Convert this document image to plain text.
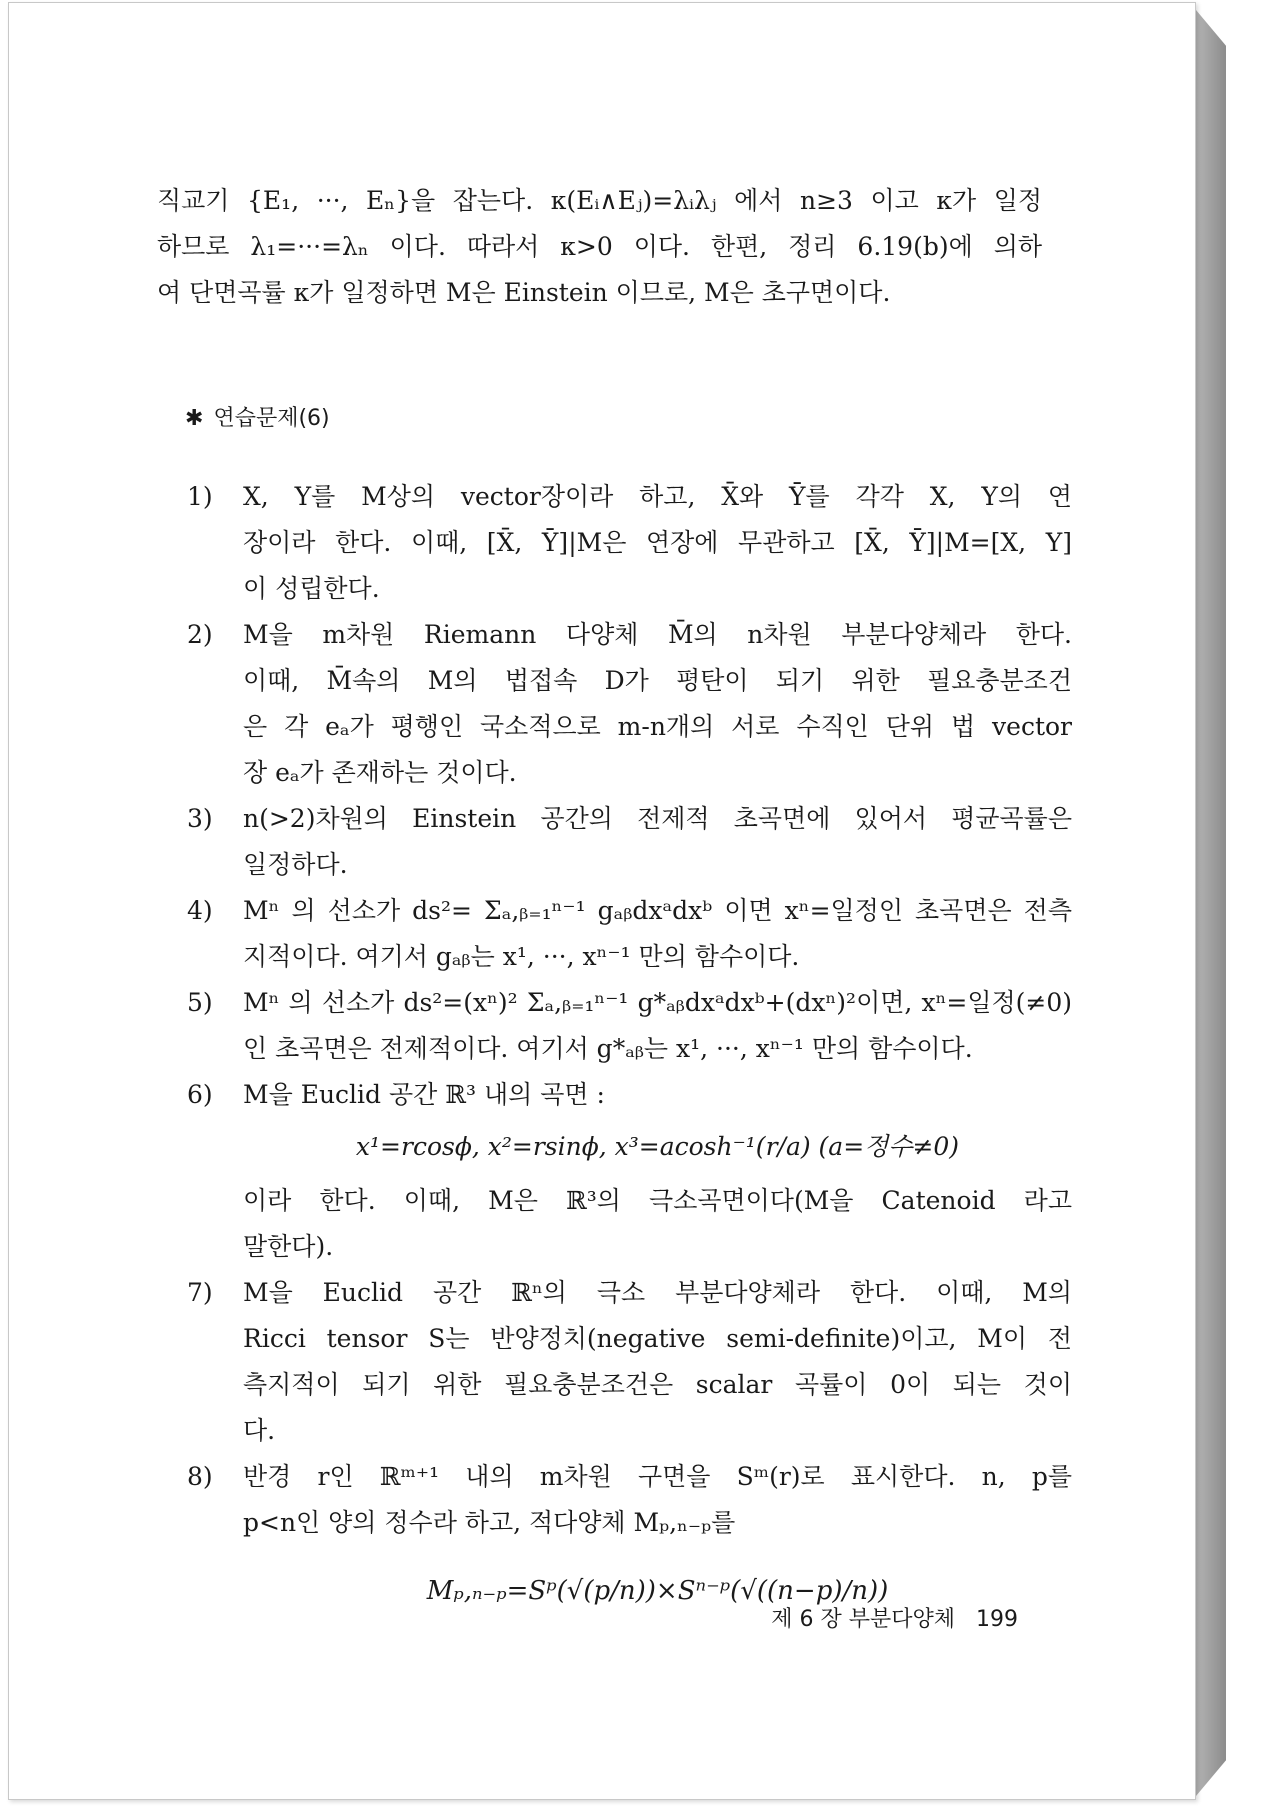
직교기 {E₁, ···, Eₙ}을 잡는다. κ(Eᵢ∧Eⱼ)=λᵢλⱼ 에서 n≥3 이고 κ가 일정
하므로 λ₁=···=λₙ 이다. 따라서 κ>0 이다. 한편, 정리 6.19(b)에 의하
여 단면곡률 κ가 일정하면 M은 Einstein 이므로, M은 초구면이다.
✱ 연습문제(6)
1) X, Y를 M상의 vector장이라 하고, X̄와 Ȳ를 각각 X, Y의 연
장이라 한다. 이때, [X̄, Ȳ]|M은 연장에 무관하고 [X̄, Ȳ]|M=[X, Y]
이 성립한다.
2) M을 m차원 Riemann 다양체 M̄의 n차원 부분다양체라 한다.
이때, M̄속의 M의 법접속 D가 평탄이 되기 위한 필요충분조건
은 각 eₐ가 평행인 국소적으로 m-n개의 서로 수직인 단위 법 vector
장 eₐ가 존재하는 것이다.
3) n(>2)차원의 Einstein 공간의 전제적 초곡면에 있어서 평균곡률은
일정하다.
4) Mⁿ 의 선소가 ds²= Σₐ,ᵦ₌₁ⁿ⁻¹ gₐᵦdxᵃdxᵇ 이면 xⁿ=일정인 초곡면은 전측
지적이다. 여기서 gₐᵦ는 x¹, ···, xⁿ⁻¹ 만의 함수이다.
5) Mⁿ 의 선소가 ds²=(xⁿ)² Σₐ,ᵦ₌₁ⁿ⁻¹ g*ₐᵦdxᵃdxᵇ+(dxⁿ)²이면, xⁿ=일정(≠0)
인 초곡면은 전제적이다. 여기서 g*ₐᵦ는 x¹, ···, xⁿ⁻¹ 만의 함수이다.
6) M을 Euclid 공간 ℝ³ 내의 곡면 :
x¹=rcosϕ, x²=rsinϕ, x³=acosh⁻¹(r/a) (a=정수≠0)
이라 한다. 이때, M은 ℝ³의 극소곡면이다(M을 Catenoid 라고
말한다).
7) M을 Euclid 공간 ℝⁿ의 극소 부분다양체라 한다. 이때, M의
Ricci tensor S는 반양정치(negative semi-definite)이고, M이 전
측지적이 되기 위한 필요충분조건은 scalar 곡률이 0이 되는 것이
다.
8) 반경 r인 ℝᵐ⁺¹ 내의 m차원 구면을 Sᵐ(r)로 표시한다. n, p를
p<n인 양의 정수라 하고, 적다양체 Mₚ,ₙ₋ₚ를
Mₚ,ₙ₋ₚ=Sᵖ(√(p/n))×Sⁿ⁻ᵖ(√((n−p)/n))
제 6 장 부분다양체 199
